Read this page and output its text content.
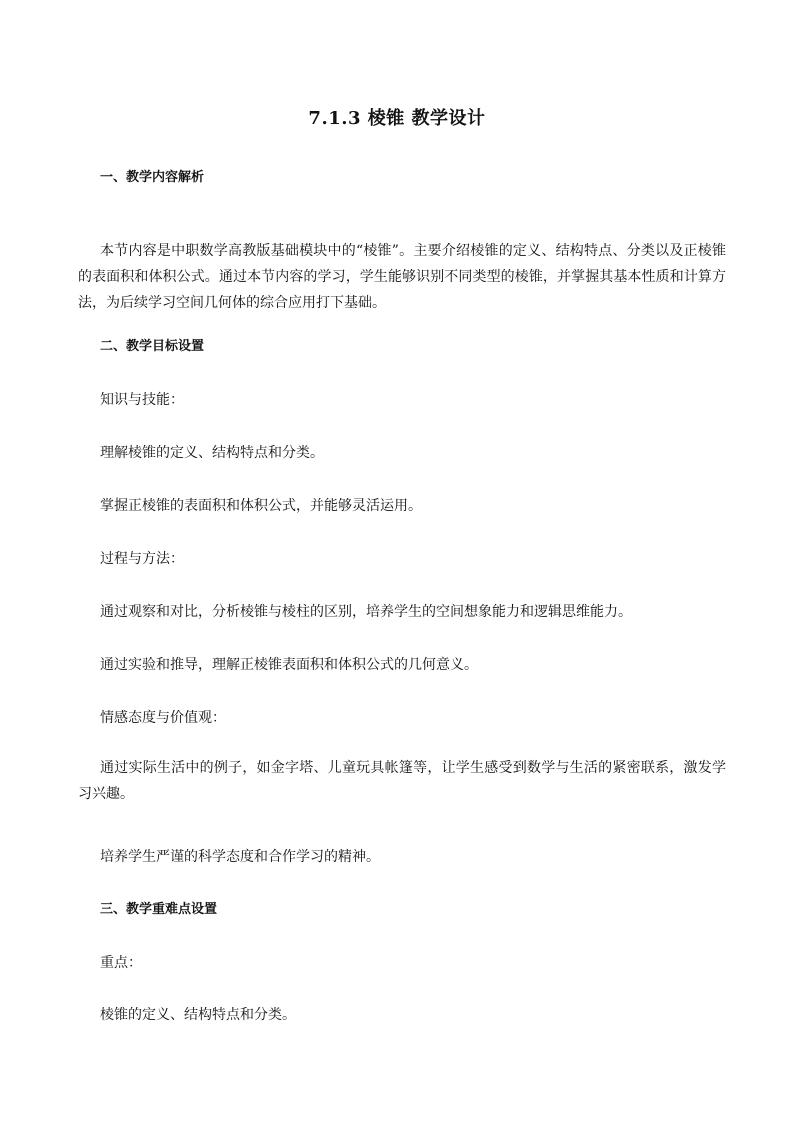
7.1.3 棱锥 教学设计
一、教学内容解析
本节内容是中职数学高教版基础模块中的“棱锥”。主要介绍棱锥的定义、结构特点、分类以及正棱锥的表面积和体积公式。通过本节内容的学习，学生能够识别不同类型的棱锥，并掌握其基本性质和计算方法，为后续学习空间几何体的综合应用打下基础。
二、教学目标设置
知识与技能：
理解棱锥的定义、结构特点和分类。
掌握正棱锥的表面积和体积公式，并能够灵活运用。
过程与方法：
通过观察和对比，分析棱锥与棱柱的区别，培养学生的空间想象能力和逻辑思维能力。
通过实验和推导，理解正棱锥表面积和体积公式的几何意义。
情感态度与价值观：
通过实际生活中的例子，如金字塔、儿童玩具帐篷等，让学生感受到数学与生活的紧密联系，激发学习兴趣。
培养学生严谨的科学态度和合作学习的精神。
三、教学重难点设置
重点：
棱锥的定义、结构特点和分类。
